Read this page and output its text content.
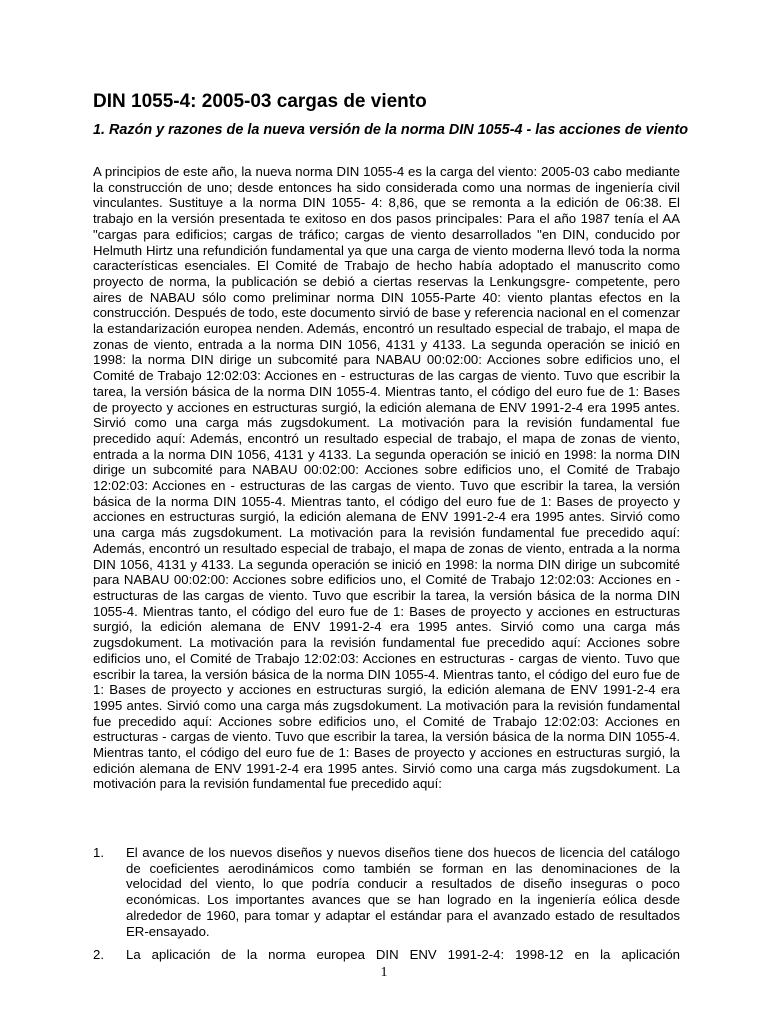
DIN 1055-4: 2005-03 cargas de viento
1. Razón y razones de la nueva versión de la norma DIN 1055-4 - las acciones de viento

A principios de este año, la nueva norma DIN 1055-4 es la carga del viento: 2005-03 cabo mediante la construcción de uno; desde entonces ha sido considerada como una normas de ingeniería civil vinculantes. Sustituye a la norma DIN 1055- 4: 8,86, que se remonta a la edición de 06:38. El trabajo en la versión presentada te exitoso en dos pasos principales: Para el año 1987 tenía el AA "cargas para edificios; cargas de tráfico; cargas de viento desarrollados "en DIN, conducido por Helmuth Hirtz una refundición fundamental ya que una carga de viento moderna llevó toda la norma características esenciales. El Comité de Trabajo de hecho había adoptado el manuscrito como proyecto de norma, la publicación se debió a ciertas reservas la Lenkungsgre- competente, pero aires de NABAU sólo como preliminar norma DIN 1055-Parte 40: viento plantas efectos en la construcción. Después de todo, este documento sirvió de base y referencia nacional en el comenzar la estandarización europea nenden. Además, encontró un resultado especial de trabajo, el mapa de zonas de viento, entrada a la norma DIN 1056, 4131 y 4133. La segunda operación se inició en 1998: la norma DIN dirige un subcomité para NABAU 00:02:00: Acciones sobre edificios uno, el Comité de Trabajo 12:02:03: Acciones en - estructuras de las cargas de viento. Tuvo que escribir la tarea, la versión básica de la norma DIN 1055-4. Mientras tanto, el código del euro fue de 1: Bases de proyecto y acciones en estructuras surgió, la edición alemana de ENV 1991-2-4 era 1995 antes. Sirvió como una carga más zugsdokument. La motivación para la revisión fundamental fue precedido aquí: Además, encontró un resultado especial de trabajo, el mapa de zonas de viento, entrada a la norma DIN 1056, 4131 y 4133. La segunda operación se inició en 1998: la norma DIN dirige un subcomité para NABAU 00:02:00: Acciones sobre edificios uno, el Comité de Trabajo 12:02:03: Acciones en - estructuras de las cargas de viento. Tuvo que escribir la tarea, la versión básica de la norma DIN 1055-4. Mientras tanto, el código del euro fue de 1: Bases de proyecto y acciones en estructuras surgió, la edición alemana de ENV 1991-2-4 era 1995 antes. Sirvió como una carga más zugsdokument. La motivación para la revisión fundamental fue precedido aquí: Además, encontró un resultado especial de trabajo, el mapa de zonas de viento, entrada a la norma DIN 1056, 4131 y 4133. La segunda operación se inició en 1998: la norma DIN dirige un subcomité para NABAU 00:02:00: Acciones sobre edificios uno, el Comité de Trabajo 12:02:03: Acciones en - estructuras de las cargas de viento. Tuvo que escribir la tarea, la versión básica de la norma DIN 1055-4. Mientras tanto, el código del euro fue de 1: Bases de proyecto y acciones en estructuras surgió, la edición alemana de ENV 1991-2-4 era 1995 antes. Sirvió como una carga más zugsdokument. La motivación para la revisión fundamental fue precedido aquí: Acciones sobre edificios uno, el Comité de Trabajo 12:02:03: Acciones en estructuras - cargas de viento. Tuvo que escribir la tarea, la versión básica de la norma DIN 1055-4. Mientras tanto, el código del euro fue de 1: Bases de proyecto y acciones en estructuras surgió, la edición alemana de ENV 1991-2-4 era 1995 antes. Sirvió como una carga más zugsdokument. La motivación para la revisión fundamental fue precedido aquí: Acciones sobre edificios uno, el Comité de Trabajo 12:02:03: Acciones en estructuras - cargas de viento. Tuvo que escribir la tarea, la versión básica de la norma DIN 1055-4. Mientras tanto, el código del euro fue de 1: Bases de proyecto y acciones en estructuras surgió, la edición alemana de ENV 1991-2-4 era 1995 antes. Sirvió como una carga más zugsdokument. La motivación para la revisión fundamental fue precedido aquí:

1. El avance de los nuevos diseños y nuevos diseños tiene dos huecos de licencia del catálogo de coeficientes aerodinámicos como también se forman en las denominaciones de la velocidad del viento, lo que podría conducir a resultados de diseño inseguras o poco económicas. Los importantes avances que se han logrado en la ingeniería eólica desde alrededor de 1960, para tomar y adaptar el estándar para el avanzado estado de resultados ER-ensayado.
2. La aplicación de la norma europea DIN ENV 1991-2-4: 1998-12 en la aplicación
1
